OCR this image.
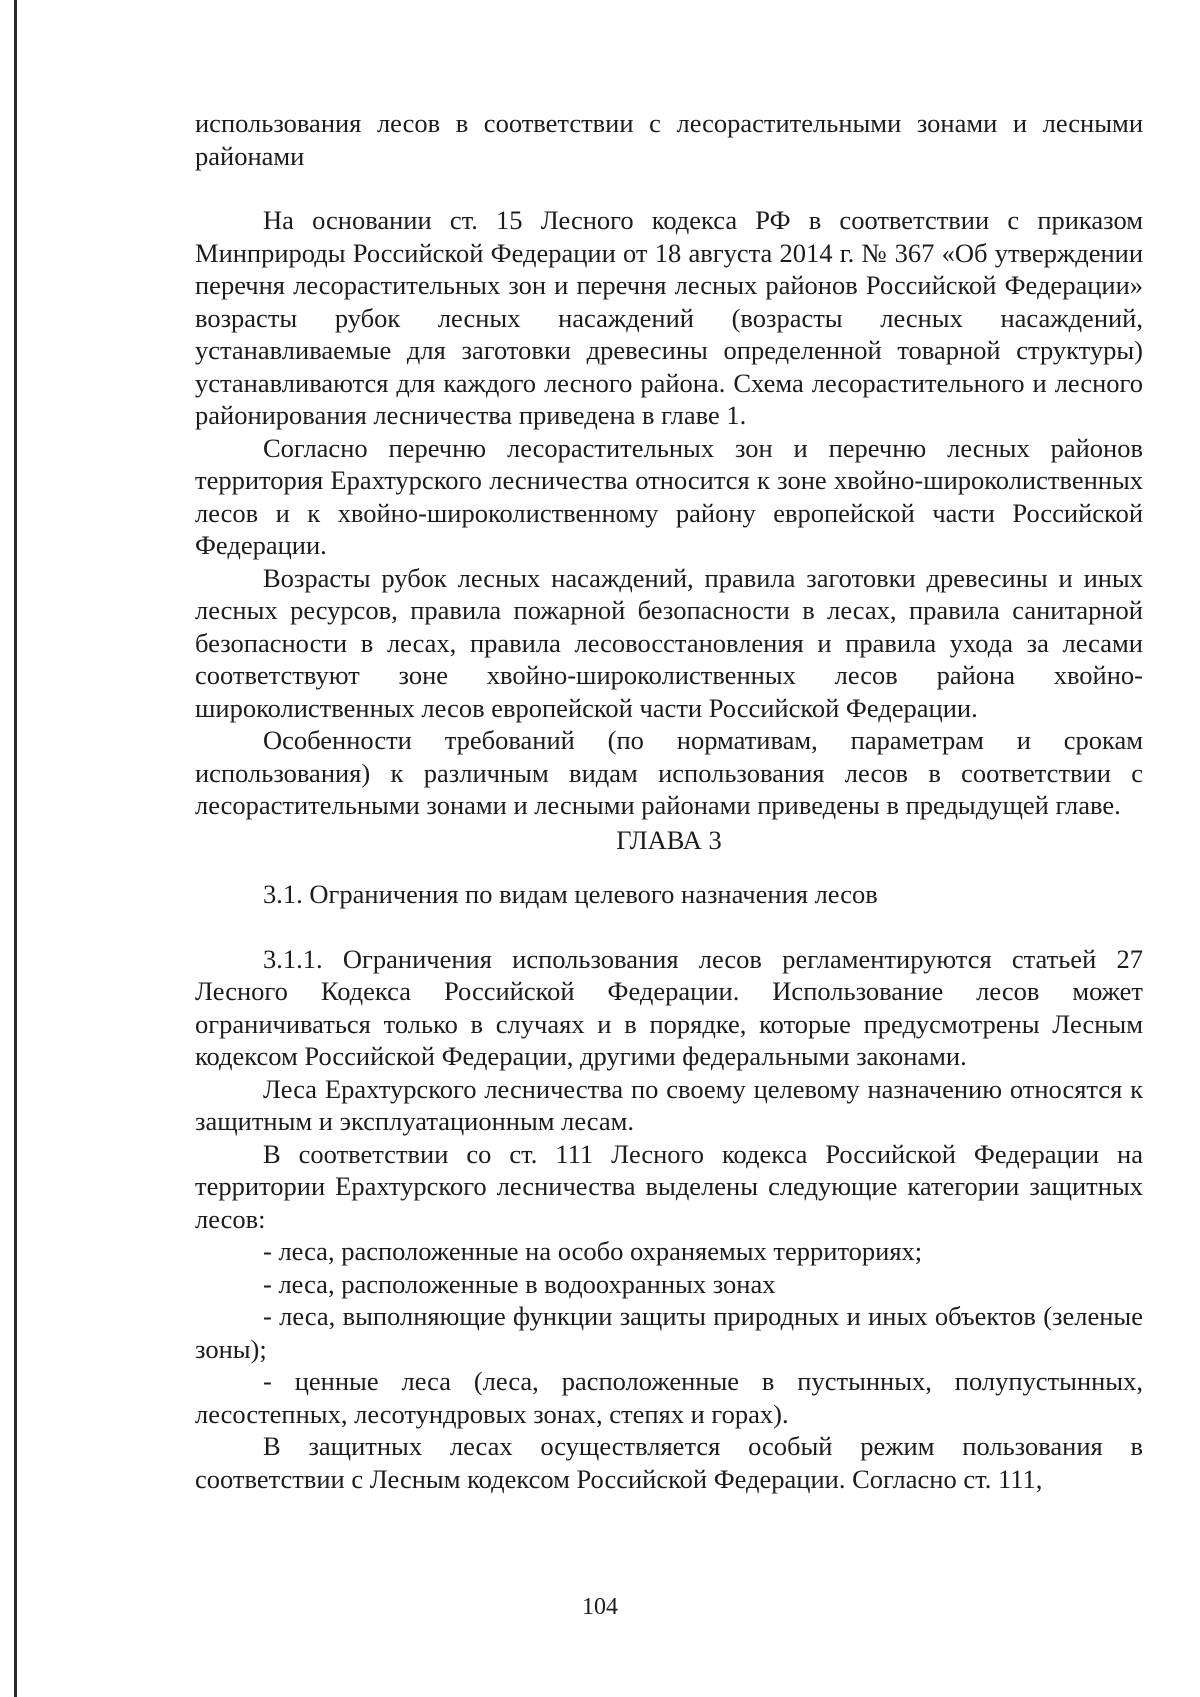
использования лесов в соответствии с лесорастительными зонами и лесными районами

На основании ст. 15 Лесного кодекса РФ в соответствии с приказом Минприроды Российской Федерации от 18 августа 2014 г. № 367 «Об утверждении перечня лесорастительных зон и перечня лесных районов Российской Федерации» возрасты рубок лесных насаждений (возрасты лесных насаждений, устанавливаемые для заготовки древесины определенной товарной структуры) устанавливаются для каждого лесного района. Схема лесорастительного и лесного районирования лесничества приведена в главе 1.

Согласно перечню лесорастительных зон и перечню лесных районов территория Ерахтурского лесничества относится к зоне хвойно-широколиственных лесов и к хвойно-широколиственному району европейской части Российской Федерации.

Возрасты рубок лесных насаждений, правила заготовки древесины и иных лесных ресурсов, правила пожарной безопасности в лесах, правила санитарной безопасности в лесах, правила лесовосстановления и правила ухода за лесами соответствуют зоне хвойно-широколиственных лесов района хвойно-широколиственных лесов европейской части Российской Федерации.

Особенности требований (по нормативам, параметрам и срокам использования) к различным видам использования лесов в соответствии с лесорастительными зонами и лесными районами приведены в предыдущей главе.

ГЛАВА 3

3.1. Ограничения по видам целевого назначения лесов

3.1.1. Ограничения использования лесов регламентируются статьей 27 Лесного Кодекса Российской Федерации. Использование лесов может ограничиваться только в случаях и в порядке, которые предусмотрены Лесным кодексом Российской Федерации, другими федеральными законами.

Леса Ерахтурского лесничества по своему целевому назначению относятся к защитным и эксплуатационным лесам.

В соответствии со ст. 111 Лесного кодекса Российской Федерации на территории Ерахтурского лесничества выделены следующие категории защитных лесов:

- леса, расположенные на особо охраняемых территориях;

- леса, расположенные в водоохранных зонах

- леса, выполняющие функции защиты природных и иных объектов (зеленые зоны);

- ценные леса (леса, расположенные в пустынных, полупустынных, лесостепных, лесотундровых зонах, степях и горах).

В защитных лесах осуществляется особый режим пользования в соответствии с Лесным кодексом Российской Федерации. Согласно ст. 111,

104
